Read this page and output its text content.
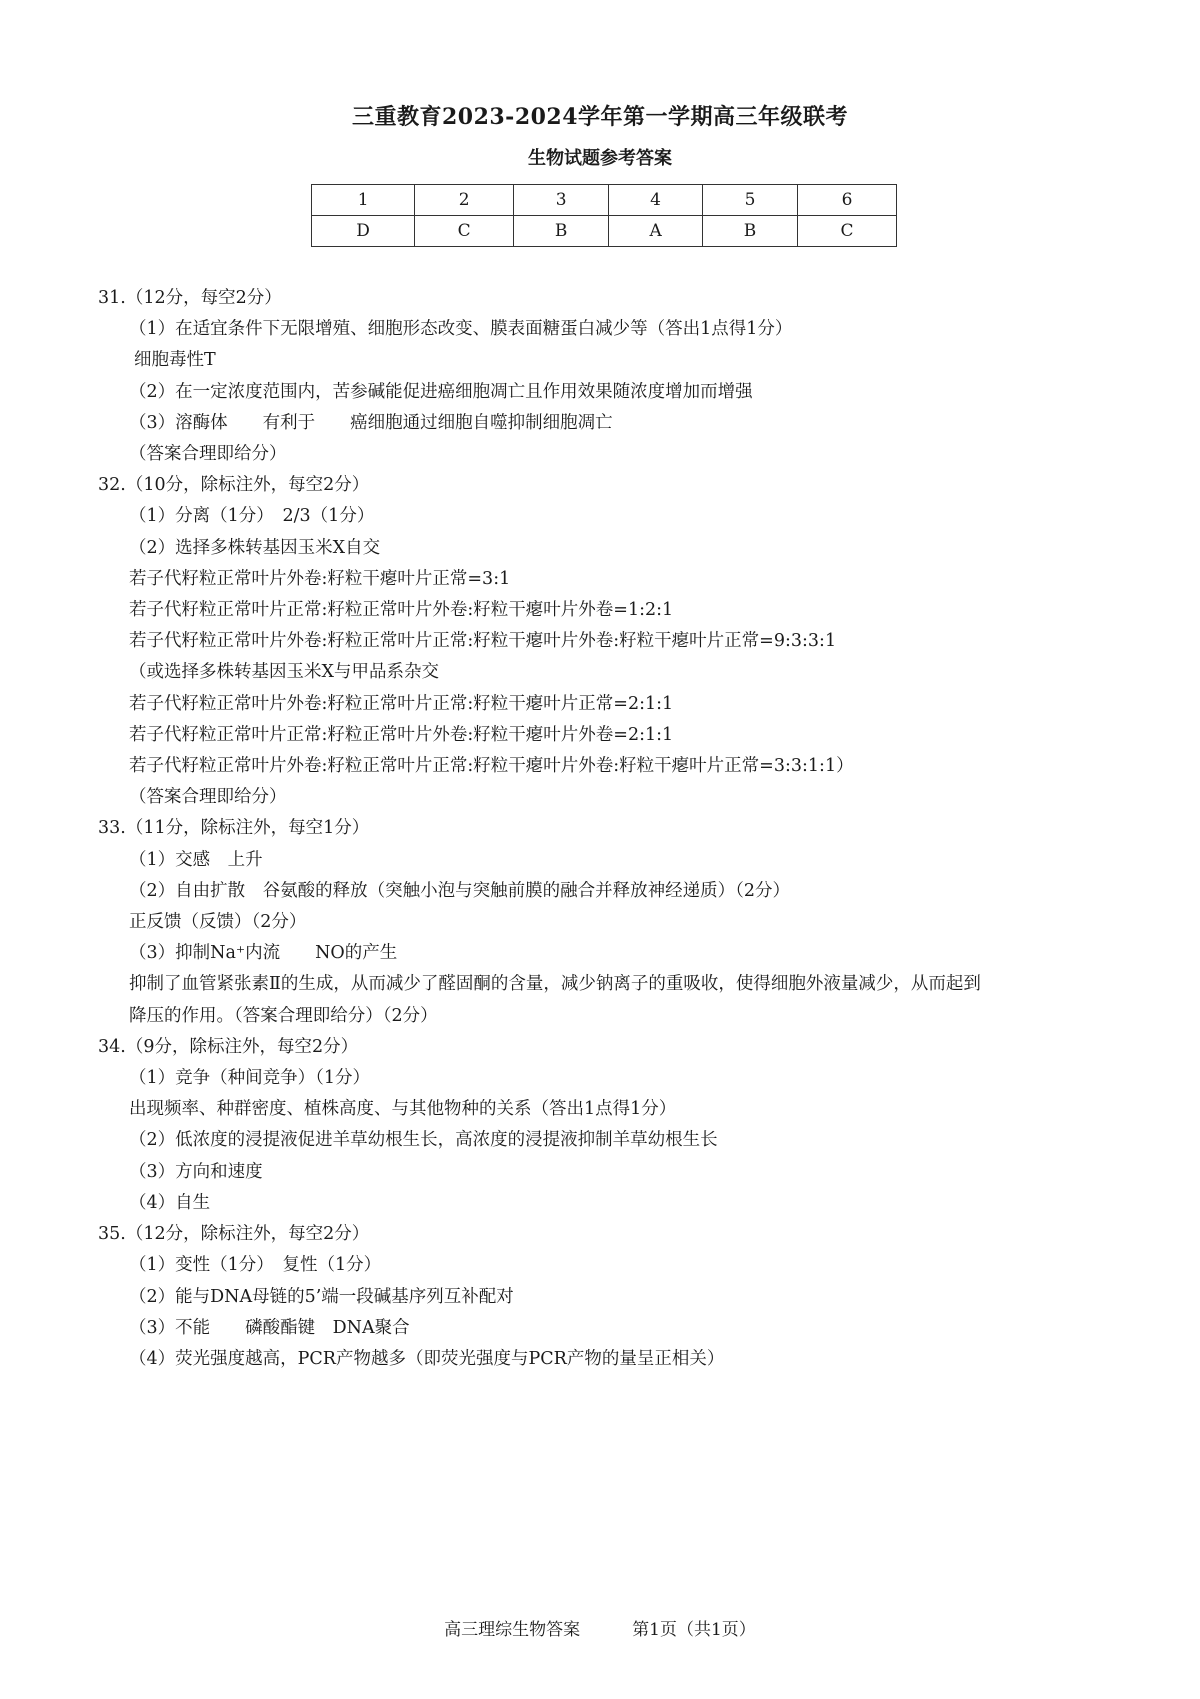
三重教育2023-2024学年第一学期高三年级联考
生物试题参考答案
1	2	3	4	5	6
D	C	B	A	B	C
31.（12分，每空2分）
（1）在适宜条件下无限增殖、细胞形态改变、膜表面糖蛋白减少等（答出1点得1分）
细胞毒性T
（2）在一定浓度范围内，苦参碱能促进癌细胞凋亡且作用效果随浓度增加而增强
（3）溶酶体　　有利于　　癌细胞通过细胞自噬抑制细胞凋亡
（答案合理即给分）
32.（10分，除标注外，每空2分）
（1）分离（1分）　2/3（1分）
（2）选择多株转基因玉米X自交
若子代籽粒正常叶片外卷:籽粒干瘪叶片正常=3:1
若子代籽粒正常叶片正常:籽粒正常叶片外卷:籽粒干瘪叶片外卷=1:2:1
若子代籽粒正常叶片外卷:籽粒正常叶片正常:籽粒干瘪叶片外卷:籽粒干瘪叶片正常=9:3:3:1
（或选择多株转基因玉米X与甲品系杂交
若子代籽粒正常叶片外卷:籽粒正常叶片正常:籽粒干瘪叶片正常=2:1:1
若子代籽粒正常叶片正常:籽粒正常叶片外卷:籽粒干瘪叶片外卷=2:1:1
若子代籽粒正常叶片外卷:籽粒正常叶片正常:籽粒干瘪叶片外卷:籽粒干瘪叶片正常=3:3:1:1）
（答案合理即给分）
33.（11分，除标注外，每空1分）
（1）交感　上升
（2）自由扩散　谷氨酸的释放（突触小泡与突触前膜的融合并释放神经递质）（2分）
正反馈（反馈）（2分）
（3）抑制Na⁺内流　　NO的产生
抑制了血管紧张素Ⅱ的生成，从而减少了醛固酮的含量，减少钠离子的重吸收，使得细胞外液量减少，从而起到
降压的作用。（答案合理即给分）（2分）
34.（9分，除标注外，每空2分）
（1）竞争（种间竞争）（1分）
出现频率、种群密度、植株高度、与其他物种的关系（答出1点得1分）
（2）低浓度的浸提液促进羊草幼根生长，高浓度的浸提液抑制羊草幼根生长
（3）方向和速度
（4）自生
35.（12分，除标注外，每空2分）
（1）变性（1分）　复性（1分）
（2）能与DNA母链的5’端一段碱基序列互补配对
（3）不能　　磷酸酯键　DNA聚合
（4）荧光强度越高，PCR产物越多（即荧光强度与PCR产物的量呈正相关）
高三理综生物答案	第1页（共1页）
